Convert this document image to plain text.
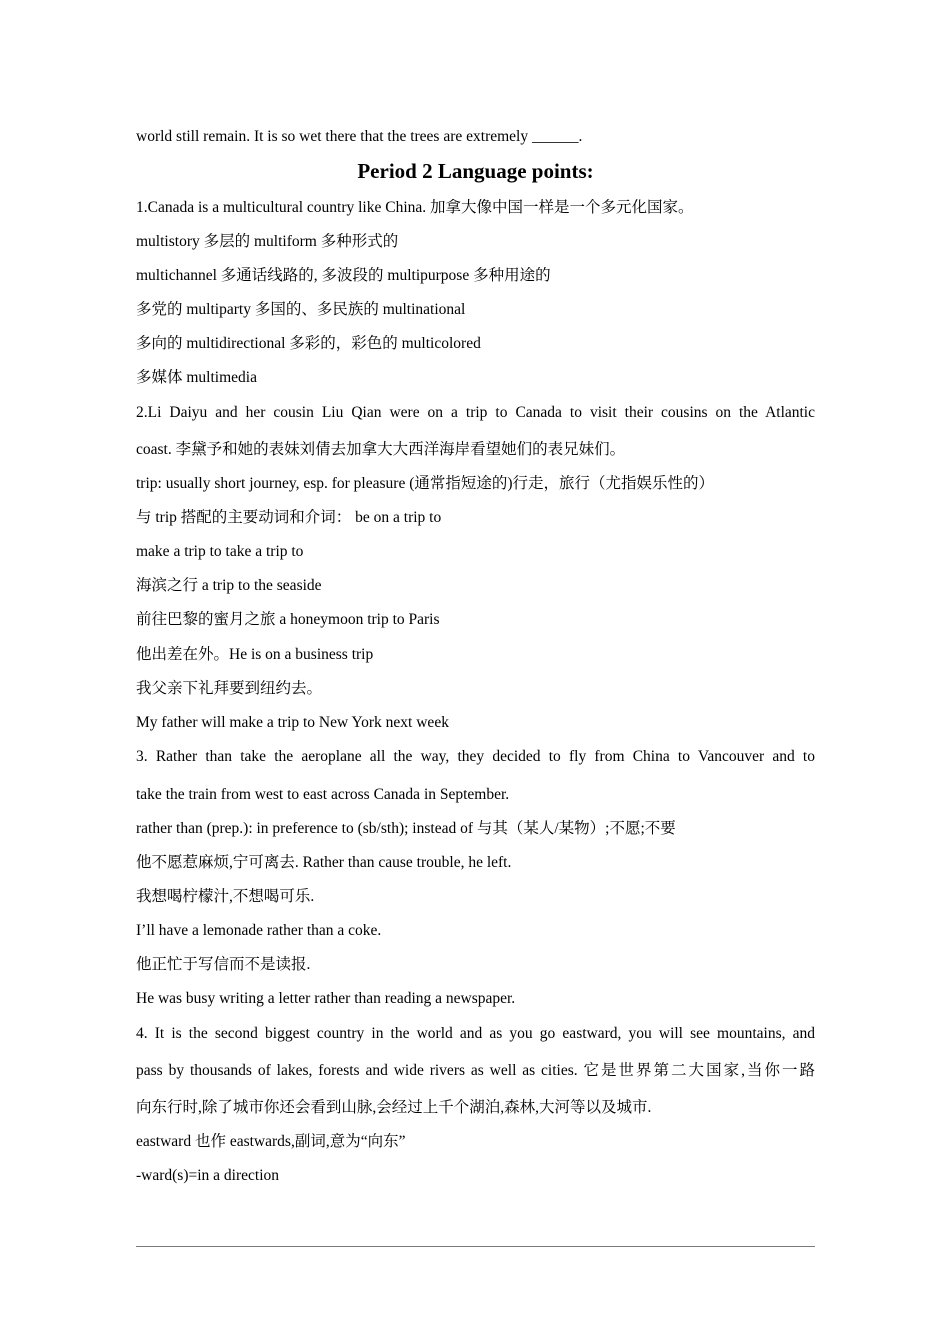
world still remain. It is so wet there that the trees are extremely ______.
Period 2 Language points:
1.Canada is a multicultural country like China. 加拿大像中国一样是一个多元化国家。
multistory 多层的 multiform 多种形式的
multichannel 多通话线路的, 多波段的 multipurpose 多种用途的
多党的 multiparty 多国的、多民族的 multinational
多向的 multidirectional 多彩的，彩色的 multicolored
多媒体 multimedia
2.Li Daiyu and her cousin Liu Qian were on a trip to Canada to visit their cousins on the Atlantic
coast. 李黛予和她的表妹刘倩去加拿大大西洋海岸看望她们的表兄妹们。
trip: usually short journey, esp. for pleasure (通常指短途的)行走，旅行（尤指娱乐性的）
与 trip 搭配的主要动词和介词： be on a trip to
make a trip to take a trip to
海滨之行 a trip to the seaside
前往巴黎的蜜月之旅 a honeymoon trip to Paris
他出差在外。He is on a business trip
我父亲下礼拜要到纽约去。
My father will make a trip to New York next week
3. Rather than take the aeroplane all the way, they decided to fly from China to Vancouver and to
take the train from west to east across Canada in September.
rather than (prep.): in preference to (sb/sth); instead of 与其（某人/某物）;不愿;不要
他不愿惹麻烦,宁可离去. Rather than cause trouble, he left.
我想喝柠檬汁,不想喝可乐.
I’ll have a lemonade rather than a coke.
他正忙于写信而不是读报.
He was busy writing a letter rather than reading a newspaper.
4. It is the second biggest country in the world and as you go eastward, you will see mountains, and
pass by thousands of lakes, forests and wide rivers as well as cities. 它是世界第二大国家,当你一路
向东行时,除了城市你还会看到山脉,会经过上千个湖泊,森林,大河等以及城市.
eastward 也作 eastwards,副词,意为“向东”
-ward(s)=in a direction
